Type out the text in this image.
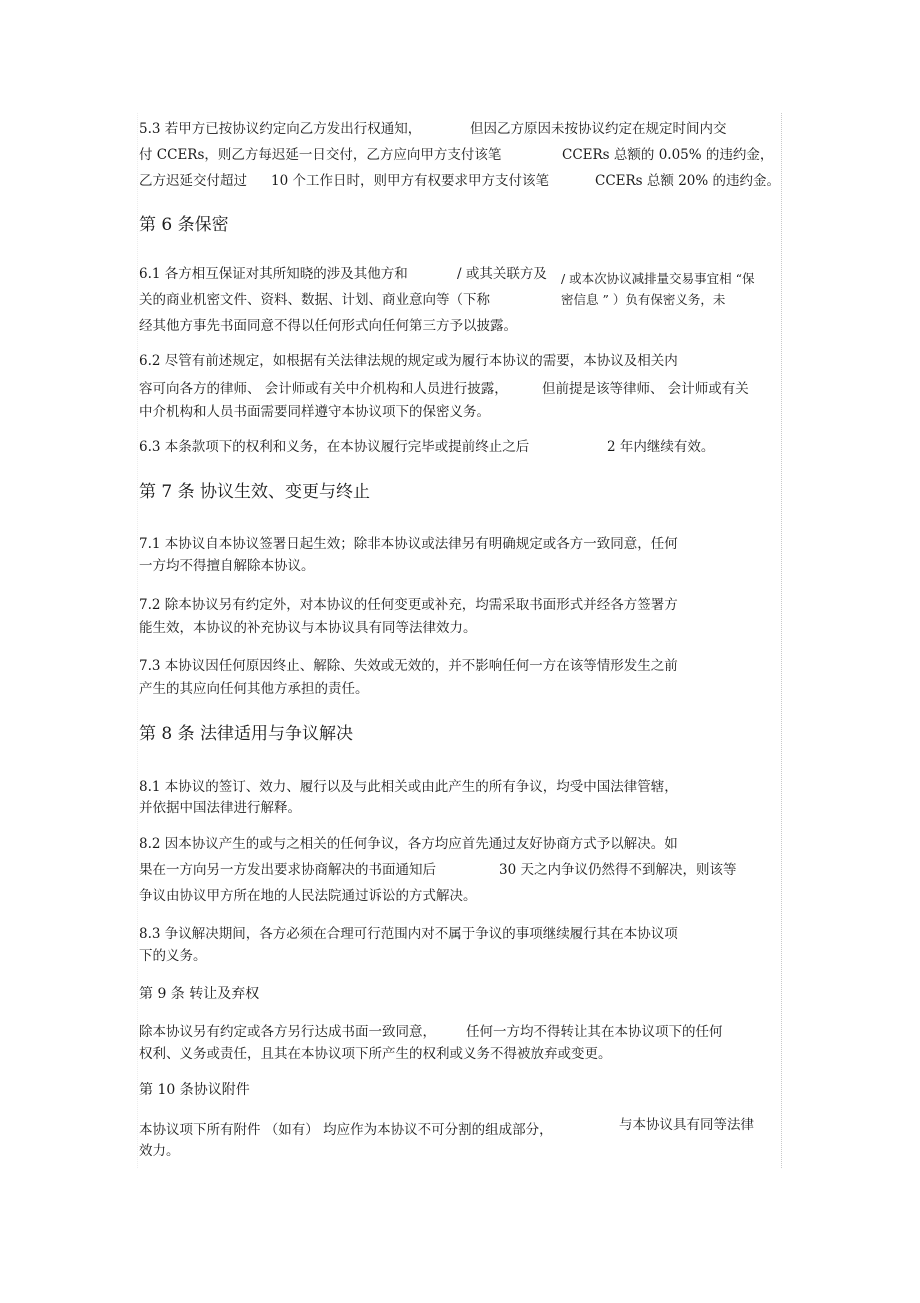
5.3 若甲方已按协议约定向乙方发出行权通知，	但因乙方原因未按协议约定在规定时间内交
付 CCERs，则乙方每迟延一日交付，乙方应向甲方支付该笔	CCERs 总额的 0.05% 的违约金，
乙方迟延交付超过 10 个工作日时，则甲方有权要求甲方支付该笔	CCERs 总额 20% 的违约金。
第 6 条保密
6.1 各方相互保证对其所知晓的涉及其他方和	/ 或其关联方及 / 或本次协议减排量交易事宜相 “保
关的商业机密文件、资料、数据、计划、商业意向等（下称	密信息 ” ）负有保密义务，未
经其他方事先书面同意不得以任何形式向任何第三方予以披露。
6.2 尽管有前述规定，如根据有关法律法规的规定或为履行本协议的需要，本协议及相关内
容可向各方的律师、 会计师或有关中介机构和人员进行披露，	但前提是该等律师、 会计师或有关
中介机构和人员书面需要同样遵守本协议项下的保密义务。
6.3 本条款项下的权利和义务，在本协议履行完毕或提前终止之后	2 年内继续有效。
第 7 条 协议生效、变更与终止
7.1 本协议自本协议签署日起生效；除非本协议或法律另有明确规定或各方一致同意，任何
一方均不得擅自解除本协议。
7.2 除本协议另有约定外，对本协议的任何变更或补充，均需采取书面形式并经各方签署方
能生效，本协议的补充协议与本协议具有同等法律效力。
7.3 本协议因任何原因终止、解除、失效或无效的，并不影响任何一方在该等情形发生之前
产生的其应向任何其他方承担的责任。
第 8 条 法律适用与争议解决
8.1 本协议的签订、效力、履行以及与此相关或由此产生的所有争议，均受中国法律管辖，
并依据中国法律进行解释。
8.2 因本协议产生的或与之相关的任何争议，各方均应首先通过友好协商方式予以解决。如
果在一方向另一方发出要求协商解决的书面通知后	30 天之内争议仍然得不到解决，则该等
争议由协议甲方所在地的人民法院通过诉讼的方式解决。
8.3 争议解决期间，各方必须在合理可行范围内对不属于争议的事项继续履行其在本协议项
下的义务。
第 9 条 转让及弃权
除本协议另有约定或各方另行达成书面一致同意， 任何一方均不得转让其在本协议项下的任何
权利、义务或责任，且其在本协议项下所产生的权利或义务不得被放弃或变更。
第 10 条协议附件
本协议项下所有附件 （如有） 均应作为本协议不可分割的组成部分，	与本协议具有同等法律
效力。
